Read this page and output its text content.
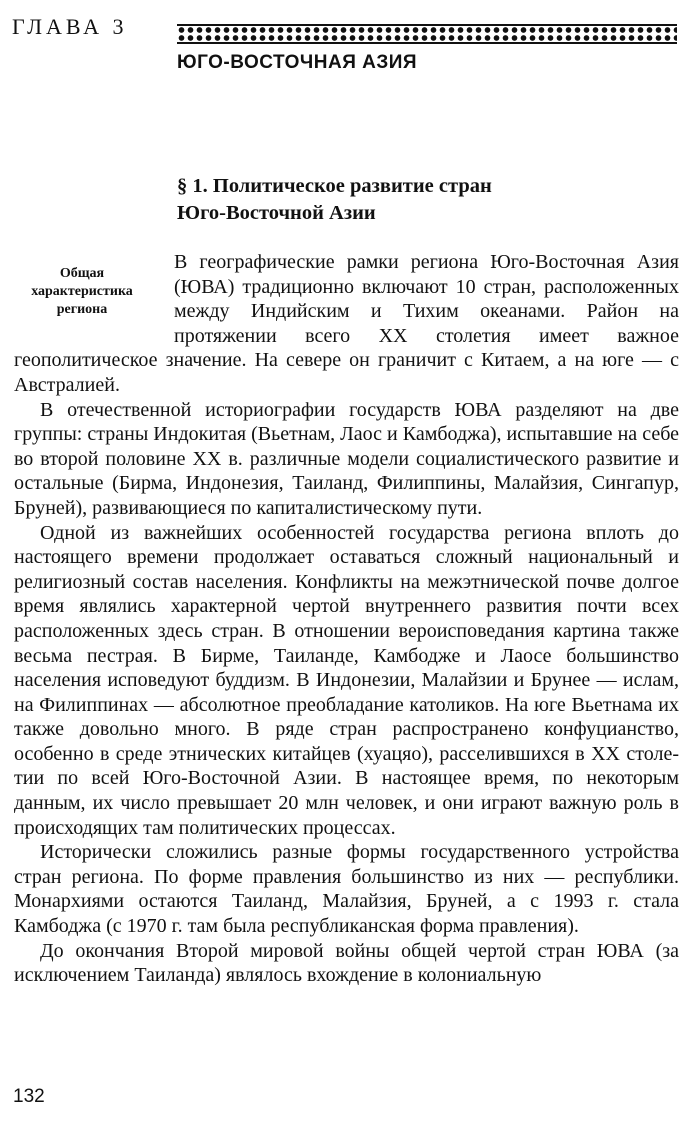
ГЛАВА 3
ЮГО-ВОСТОЧНАЯ АЗИЯ
§ 1. Политическое развитие стран
Юго-Восточной Азии
Общая
характеристика
региона

В географические рамки региона Юго-Восточная Азия (ЮВА) традиционно включают 10 стран, расположенных между Индийским и Тихим океанами. Район на протяжении всего XX столетия имеет важное геополитическое значение. На севере он граничит с Китаем, а на юге — с Австралией.

В отечественной историографии государств ЮВА разделяют на две группы: страны Индокитая (Вьетнам, Лаос и Камбоджа), испытавшие на себе во второй половине XX в. различные модели социалистического развитие и остальные (Бирма, Индонезия, Таиланд, Филиппины, Малайзия, Сингапур, Бруней), развивающиеся по капиталистическому пути.

Одной из важнейших особенностей государства региона вплоть до настоящего времени продолжает оставаться сложный национальный и религиозный состав населения. Конфликты на межэтнической почве долгое время являлись характерной чертой внутреннего развития почти всех расположенных здесь стран. В отношении вероисповедания картина также весьма пестрая. В Бирме, Таиланде, Камбодже и Лаосе большинство населения исповедуют буддизм. В Индонезии, Малайзии и Брунее — ислам, на Филиппинах — абсолютное преобладание католиков. На юге Вьетнама их также довольно много. В ряде стран распространено конфуцианство, особенно в среде этнических китайцев (хуацяо), расселившихся в XX столетии по всей Юго-Восточной Азии. В настоящее время, по некоторым данным, их число превышает 20 млн человек, и они играют важную роль в происходящих там политических процессах.

Исторически сложились разные формы государственного устройства стран региона. По форме правления большинство из них — республики. Монархиями остаются Таиланд, Малайзия, Бруней, а с 1993 г. стала Камбоджа (с 1970 г. там была республиканская форма правления).

До окончания Второй мировой войны общей чертой стран ЮВА (за исключением Таиланда) являлось вхождение в колониальную

132
